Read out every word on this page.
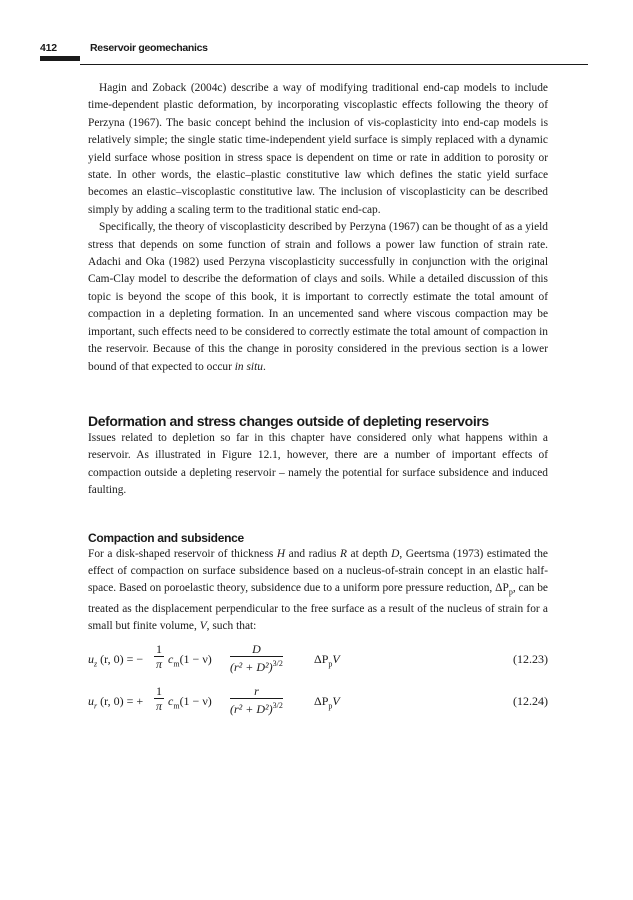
412	Reservoir geomechanics

Hagin and Zoback (2004c) describe a way of modifying traditional end-cap models to include time-dependent plastic deformation, by incorporating viscoplastic effects following the theory of Perzyna (1967). The basic concept behind the inclusion of vis-coplasticity into end-cap models is relatively simple; the single static time-independent yield surface is simply replaced with a dynamic yield surface whose position in stress space is dependent on time or rate in addition to porosity or state. In other words, the elastic–plastic constitutive law which defines the static yield surface becomes an elastic–viscoplastic constitutive law. The inclusion of viscoplasticity can be described simply by adding a scaling term to the traditional static end-cap.

Specifically, the theory of viscoplasticity described by Perzyna (1967) can be thought of as a yield stress that depends on some function of strain and follows a power law function of strain rate. Adachi and Oka (1982) used Perzyna viscoplasticity successfully in conjunction with the original Cam-Clay model to describe the deformation of clays and soils. While a detailed discussion of this topic is beyond the scope of this book, it is important to correctly estimate the total amount of compaction in a depleting formation. In an uncemented sand where viscous compaction may be important, such effects need to be considered to correctly estimate the total amount of compaction in the reservoir. Because of this the change in porosity considered in the previous section is a lower bound of that expected to occur in situ.

Deformation and stress changes outside of depleting reservoirs

Issues related to depletion so far in this chapter have considered only what happens within a reservoir. As illustrated in Figure 12.1, however, there are a number of important effects of compaction outside a depleting reservoir – namely the potential for surface subsidence and induced faulting.

Compaction and subsidence

For a disk-shaped reservoir of thickness H and radius R at depth D, Geertsma (1973) estimated the effect of compaction on surface subsidence based on a nucleus-of-strain concept in an elastic half-space. Based on poroelastic theory, subsidence due to a uniform pore pressure reduction, $\Delta P_p$, can be treated as the displacement perpendicular to the free surface as a result of the nucleus of strain for a small but finite volume, V, such that:

$u_z$ (r, 0) = − $\frac{1}{\pi} c_m(1 - \nu) \frac{D}{(r^2 + D^2)^{3/2}}$	$\Delta P_pV$	(12.23)
$u_r$ (r, 0) = + $\frac{1}{\pi} c_m(1 - \nu) \frac{r}{(r^2 + D^2)^{3/2}}$	$\Delta P_pV$	(12.24)
